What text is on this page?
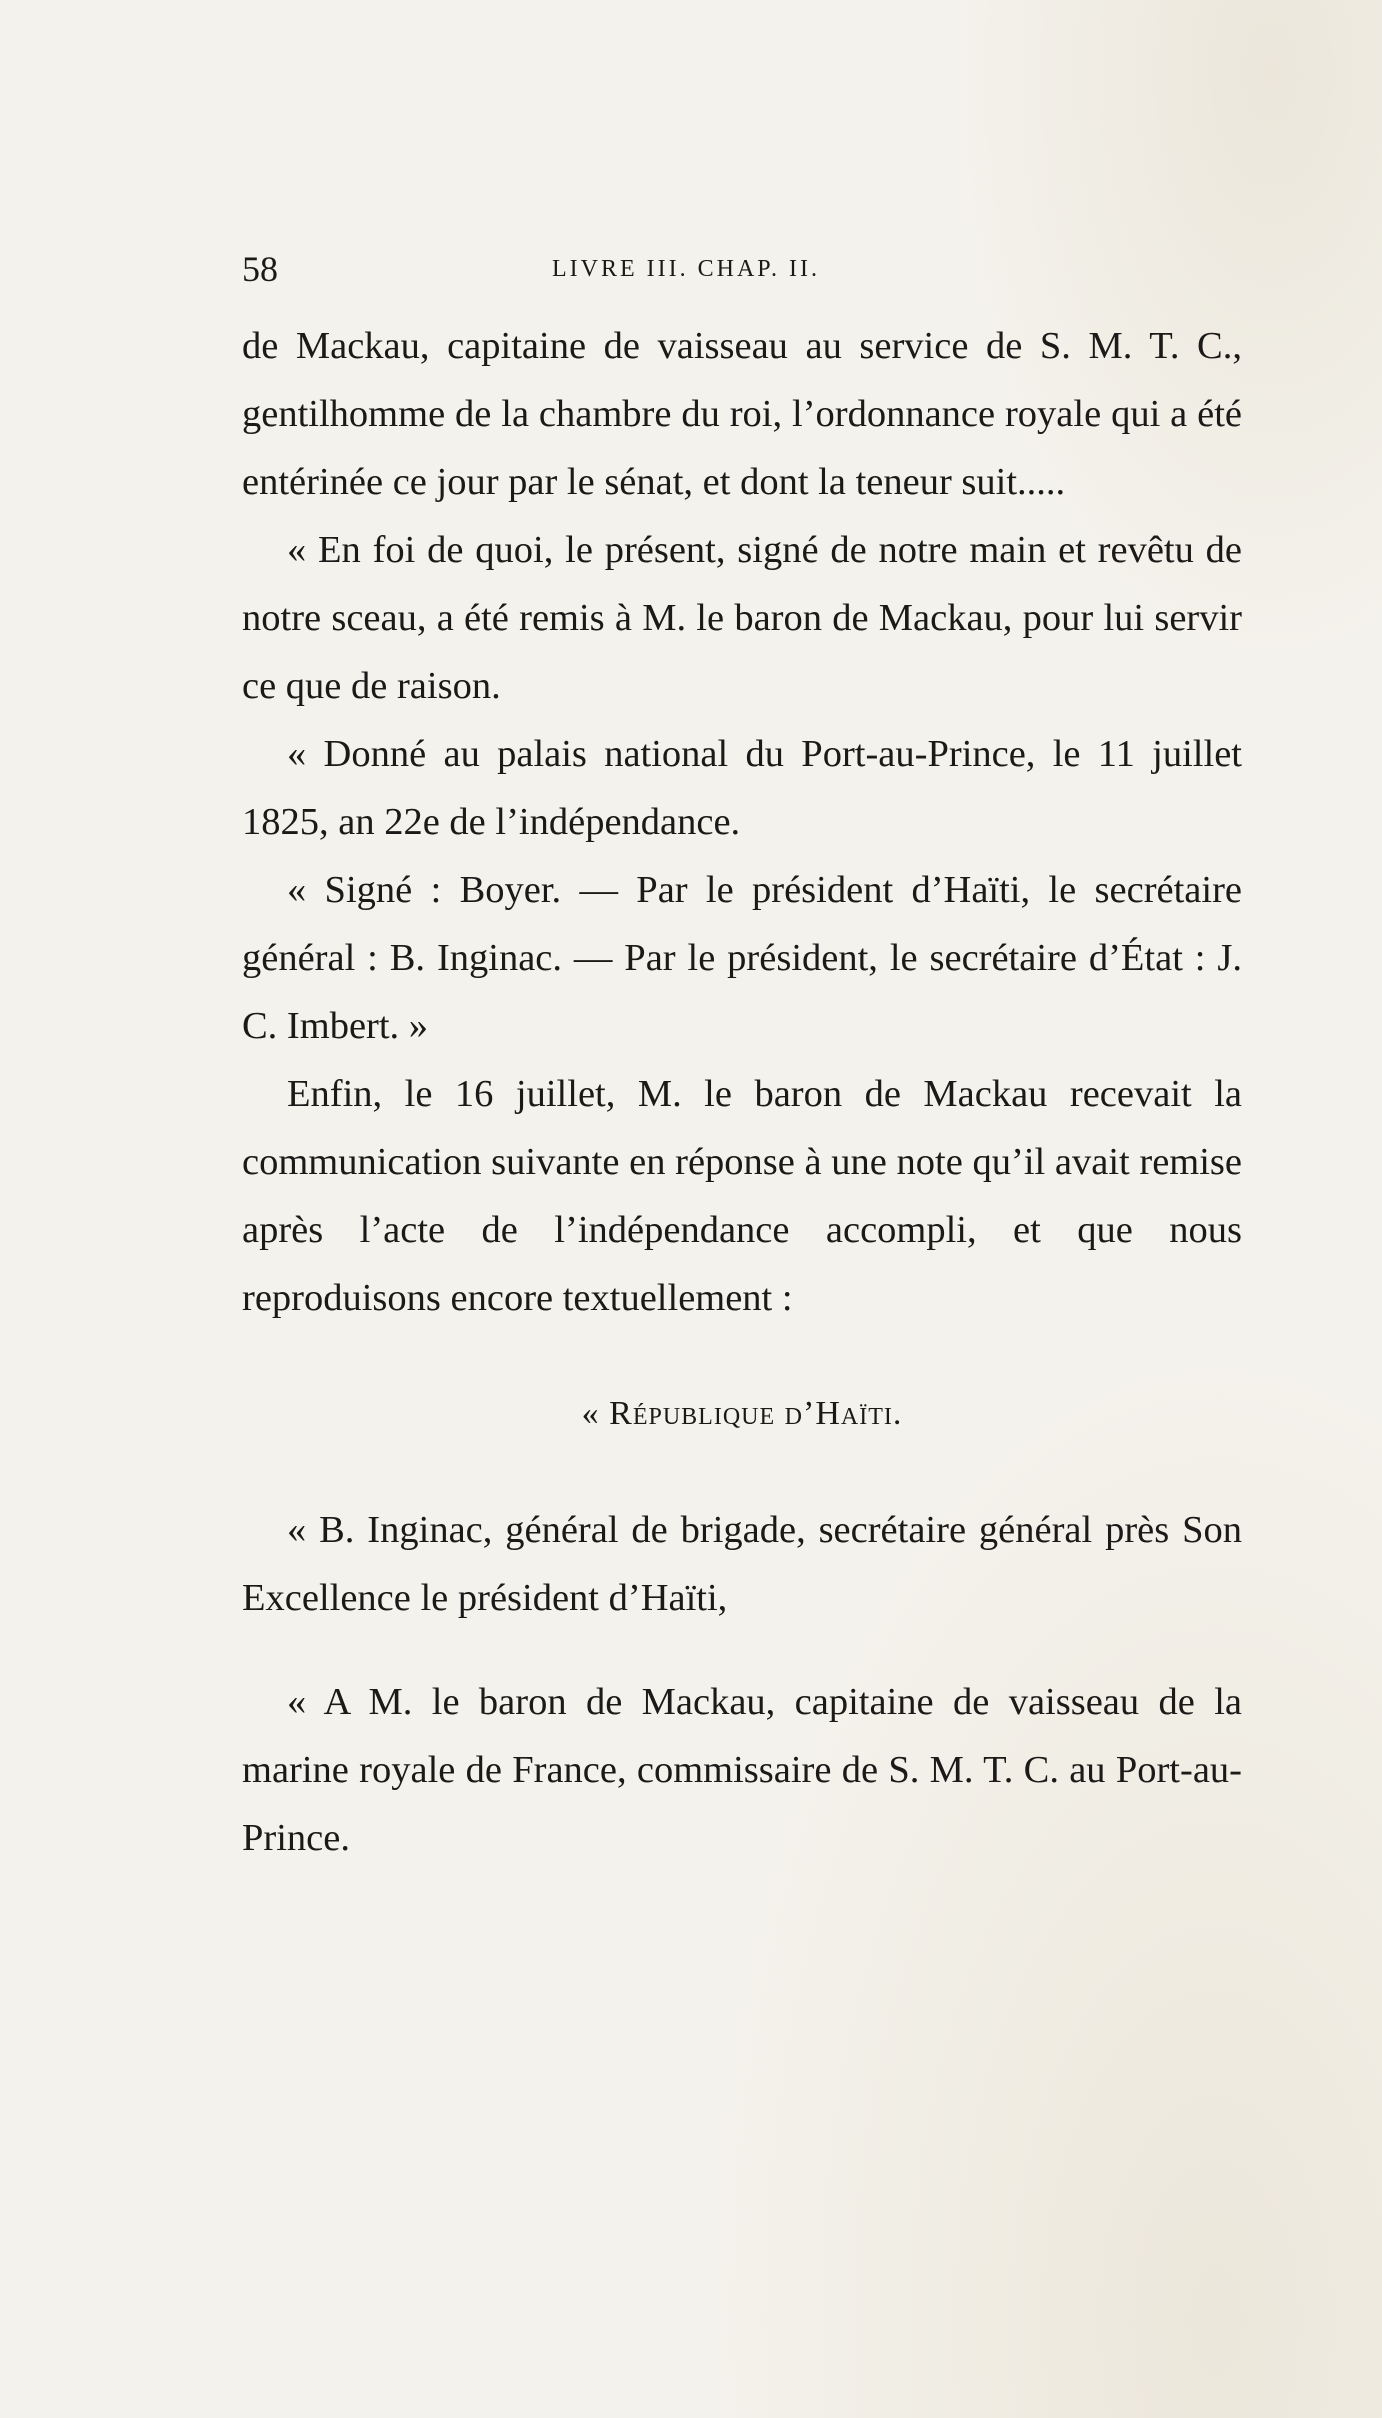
58	LIVRE III. CHAP. II.

de Mackau, capitaine de vaisseau au service de S. M. T. C., gentilhomme de la chambre du roi, l’ordonnance royale qui a été entérinée ce jour par le sénat, et dont la teneur suit.....

« En foi de quoi, le présent, signé de notre main et revêtu de notre sceau, a été remis à M. le baron de Mackau, pour lui servir ce que de raison.

« Donné au palais national du Port-au-Prince, le 11 juillet 1825, an 22e de l’indépendance.

« Signé : Boyer. — Par le président d’Haïti, le secrétaire général : B. Inginac. — Par le président, le secrétaire d’État : J. C. Imbert. »

Enfin, le 16 juillet, M. le baron de Mackau recevait la communication suivante en réponse à une note qu’il avait remise après l’acte de l’indépendance accompli, et que nous reproduisons encore textuellement :

« République d’Haïti.

« B. Inginac, général de brigade, secrétaire général près Son Excellence le président d’Haïti,

« A M. le baron de Mackau, capitaine de vaisseau de la marine royale de France, commissaire de S. M. T. C. au Port-au-Prince.
